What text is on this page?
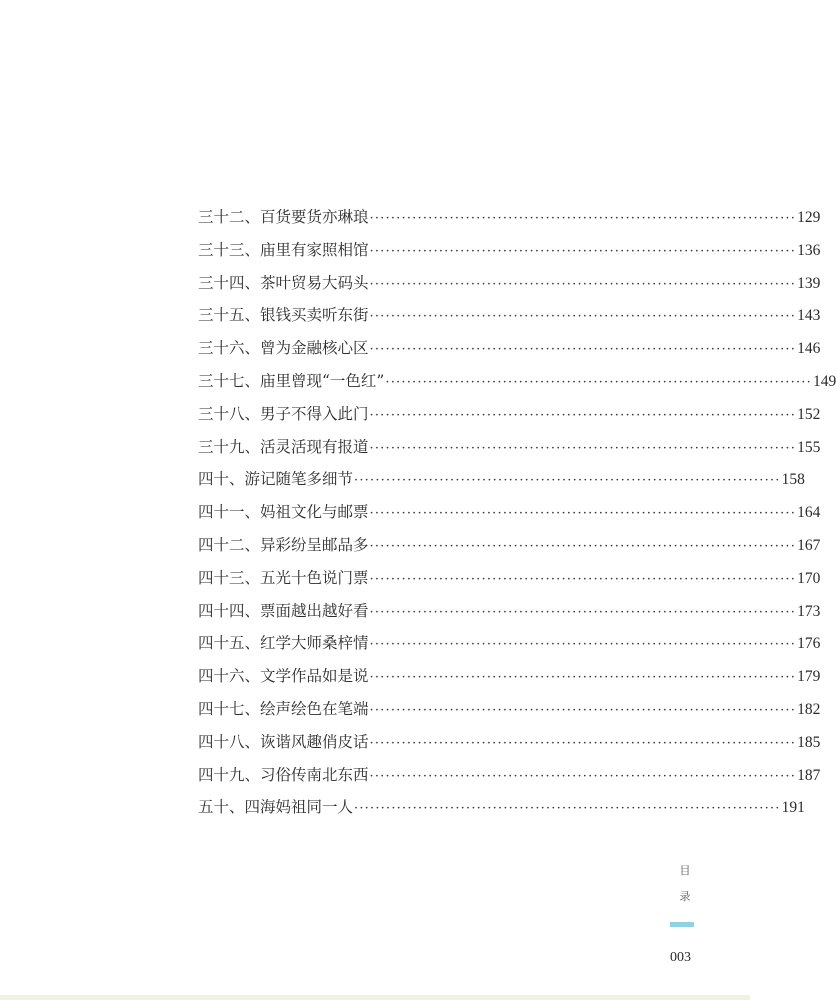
三十二、百货要货亦琳琅 ················································································ 129
三十三、庙里有家照相馆 ················································································ 136
三十四、茶叶贸易大码头 ················································································ 139
三十五、银钱买卖听东街 ················································································ 143
三十六、曾为金融核心区 ················································································ 146
三十七、庙里曾现“一色红” ················································································ 149
三十八、男子不得入此门 ················································································ 152
三十九、活灵活现有报道 ················································································ 155
四十、游记随笔多细节 ················································································ 158
四十一、妈祖文化与邮票 ················································································ 164
四十二、异彩纷呈邮品多 ················································································ 167
四十三、五光十色说门票 ················································································ 170
四十四、票面越出越好看 ················································································ 173
四十五、红学大师桑梓情 ················································································ 176
四十六、文学作品如是说 ················································································ 179
四十七、绘声绘色在笔端 ················································································ 182
四十八、诙谐风趣俏皮话 ················································································ 185
四十九、习俗传南北东西 ················································································ 187
五十、四海妈祖同一人 ················································································ 191
目
录
003
